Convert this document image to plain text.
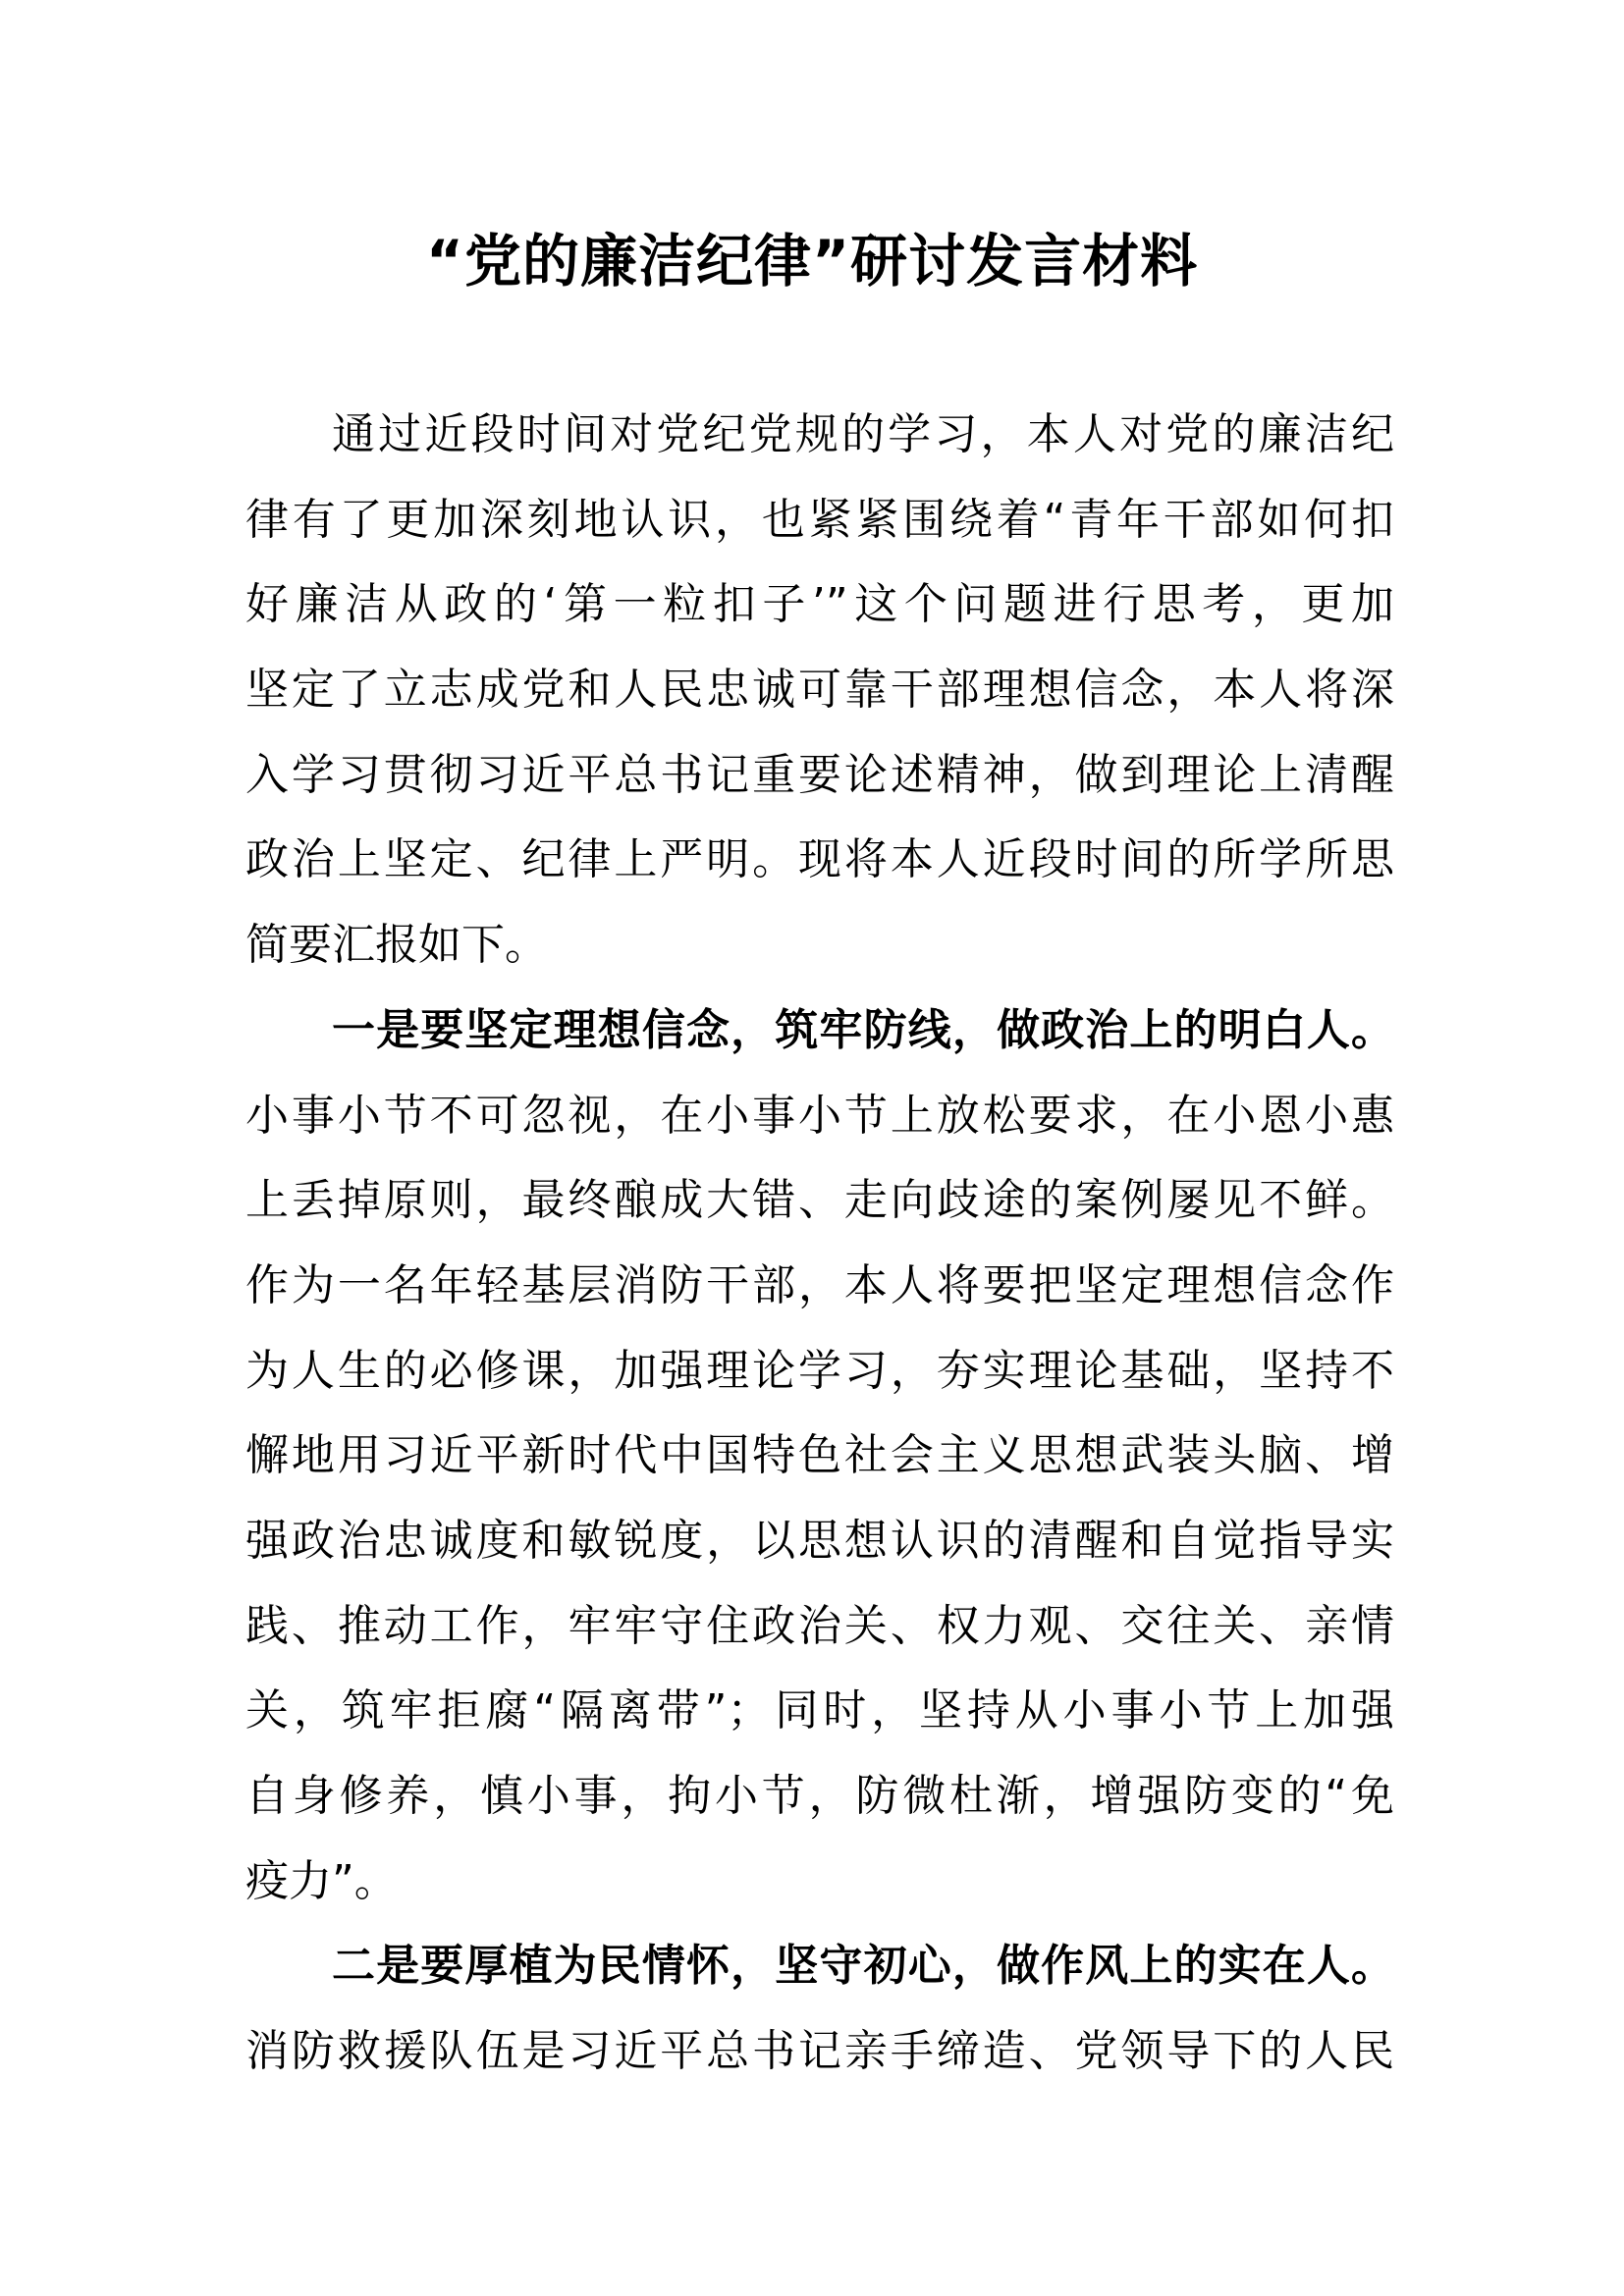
“党的廉洁纪律”研讨发言材料
通过近段时间对党纪党规的学习，本人对党的廉洁纪
律有了更加深刻地认识，也紧紧围绕着“青年干部如何扣
好廉洁从政的‘第一粒扣子’”这个问题进行思考，更加
坚定了立志成党和人民忠诚可靠干部理想信念，本人将深
入学习贯彻习近平总书记重要论述精神，做到理论上清醒
政治上坚定、纪律上严明。现将本人近段时间的所学所思
简要汇报如下。
一是要坚定理想信念，筑牢防线，做政治上的明白人。
小事小节不可忽视，在小事小节上放松要求，在小恩小惠
上丢掉原则，最终酿成大错、走向歧途的案例屡见不鲜。
作为一名年轻基层消防干部，本人将要把坚定理想信念作
为人生的必修课，加强理论学习，夯实理论基础，坚持不
懈地用习近平新时代中国特色社会主义思想武装头脑、增
强政治忠诚度和敏锐度，以思想认识的清醒和自觉指导实
践、推动工作，牢牢守住政治关、权力观、交往关、亲情
关，筑牢拒腐“隔离带”；同时，坚持从小事小节上加强
自身修养，慎小事，拘小节，防微杜渐，增强防变的“免
疫力”。
二是要厚植为民情怀，坚守初心，做作风上的实在人。
消防救援队伍是习近平总书记亲手缔造、党领导下的人民
